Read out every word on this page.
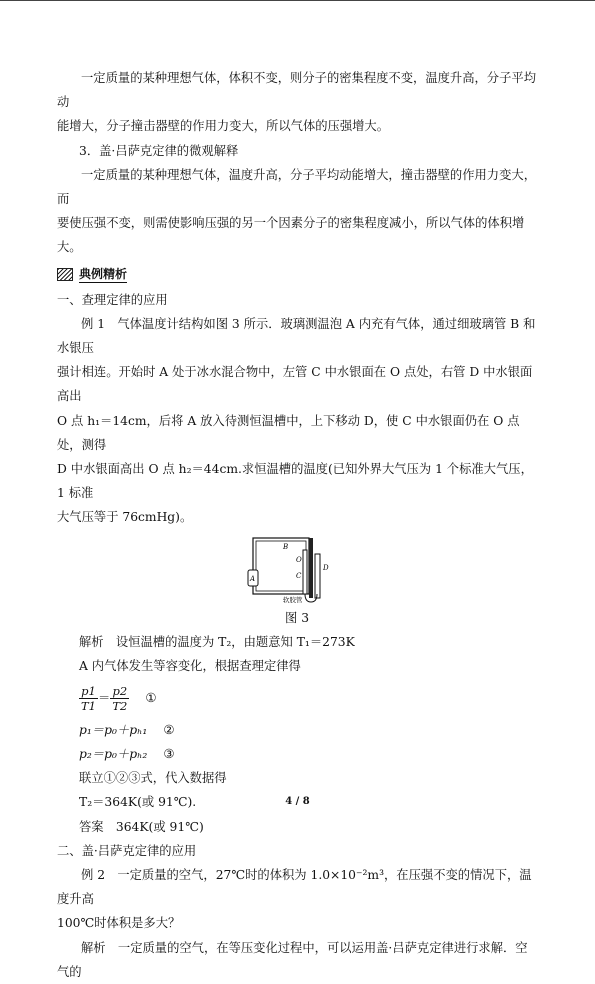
一定质量的某种理想气体，体积不变，则分子的密集程度不变，温度升高，分子平均动

能增大，分子撞击器壁的作用力变大，所以气体的压强增大。

3．盖·吕萨克定律的微观解释

一定质量的某种理想气体，温度升高，分子平均动能增大，撞击器壁的作用力变大，而

要使压强不变，则需使影响压强的另一个因素分子的密集程度减小，所以气体的体积增大。

典例精析

一、查理定律的应用

例 1　气体温度计结构如图 3 所示．玻璃测温泡 A 内充有气体，通过细玻璃管 B 和水银压

强计相连。开始时 A 处于冰水混合物中，左管 C 中水银面在 O 点处，右管 D 中水银面高出

O 点 h₁＝14cm，后将 A 放入待测恒温槽中，上下移动 D，使 C 中水银面仍在 O 点处，测得

D 中水银面高出 O 点 h₂＝44cm.求恒温槽的温度(已知外界大气压为 1 个标准大气压，1 标准

大气压等于 76cmHg)。

B
O
C
D
A
软胶管

图 3

解析　设恒温槽的温度为 T₂，由题意知 T₁＝273K

A 内气体发生等容变化，根据查理定律得

$\frac{p1}{T1} = \frac{p2}{T2}$ ①
p₁＝p₀＋pₕ₁ ②
p₂＝p₀＋pₕ₂ ③

联立①②③式，代入数据得

T₂＝364K(或 91℃).

答案　364K(或 91℃)

二、盖·吕萨克定律的应用

例 2　一定质量的空气，27℃时的体积为 1.0×10⁻²m³，在压强不变的情况下，温度升高

100℃时体积是多大？

解析　一定质量的空气，在等压变化过程中，可以运用盖·吕萨克定律进行求解．空气的

4 / 8
